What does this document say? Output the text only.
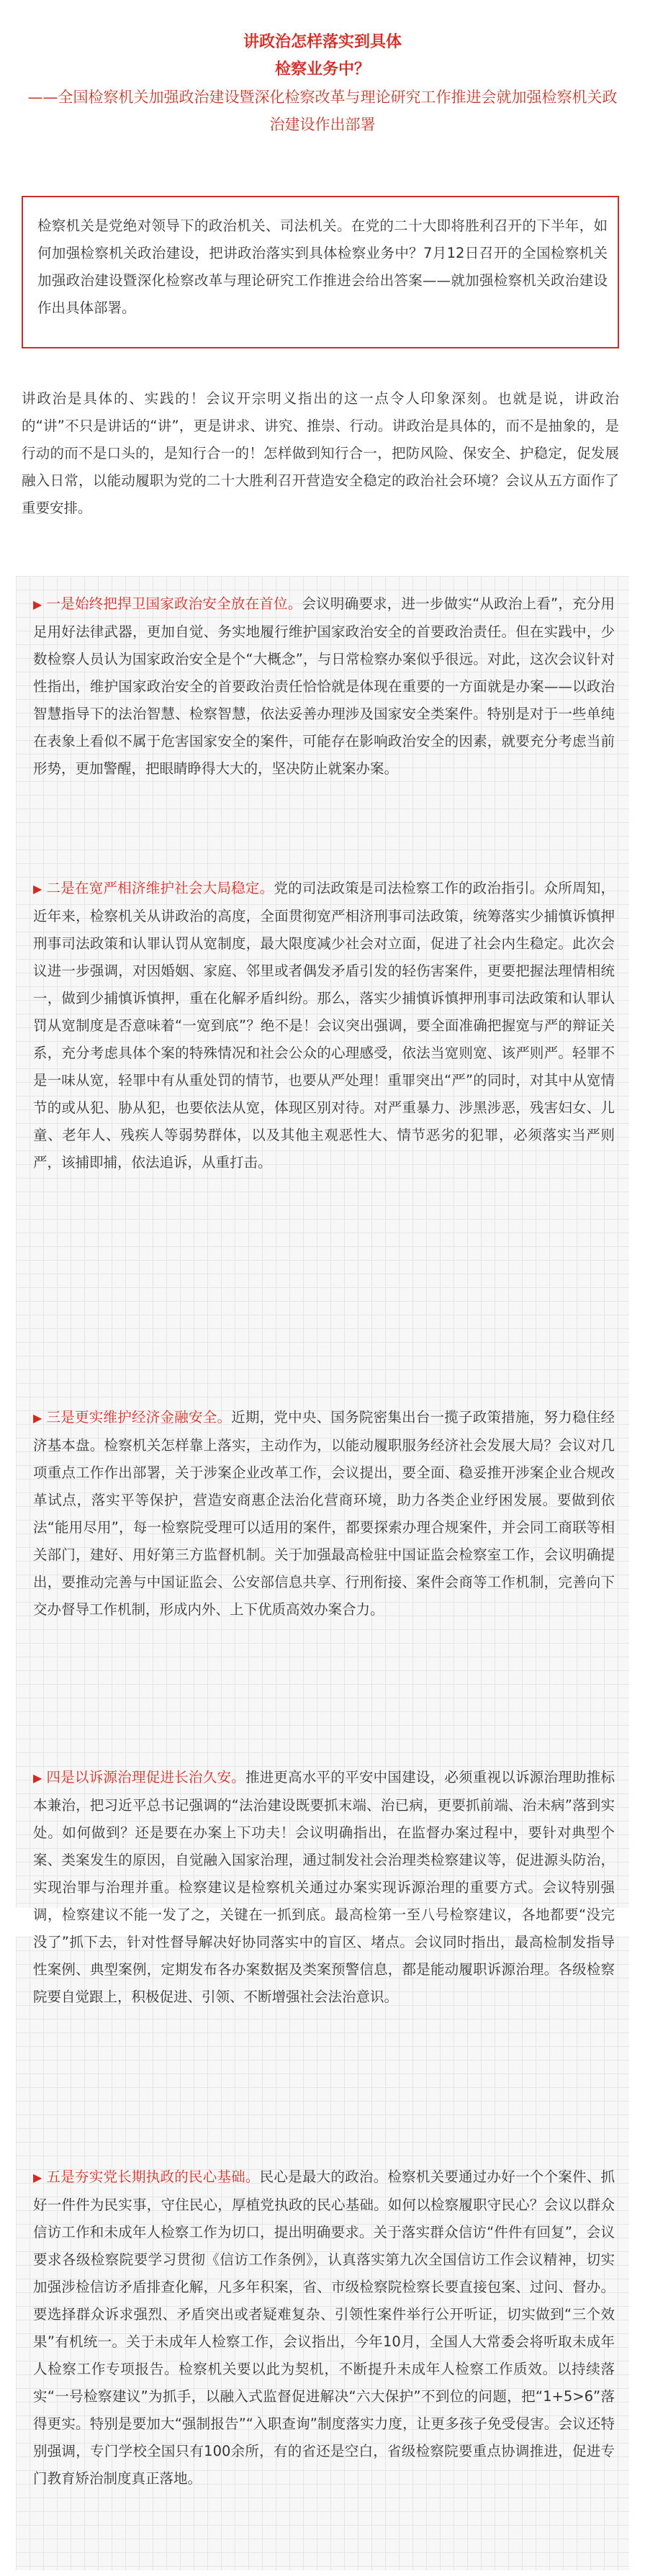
讲政治怎样落实到具体
检察业务中？
——全国检察机关加强政治建设暨深化检察改革与理论研究工作推进会就加强检察机关政治建设作出部署
检察机关是党绝对领导下的政治机关、司法机关。在党的二十大即将胜利召开的下半年，如何加强检察机关政治建设，把讲政治落实到具体检察业务中？7月12日召开的全国检察机关加强政治建设暨深化检察改革与理论研究工作推进会给出答案——就加强检察机关政治建设作出具体部署。
讲政治是具体的、实践的！会议开宗明义指出的这一点令人印象深刻。也就是说，讲政治的“讲”不只是讲话的“讲”，更是讲求、讲究、推崇、行动。讲政治是具体的，而不是抽象的，是行动的而不是口头的，是知行合一的！怎样做到知行合一，把防风险、保安全、护稳定，促发展融入日常，以能动履职为党的二十大胜利召开营造安全稳定的政治社会环境？会议从五方面作了重要安排。
▶ 一是始终把捍卫国家政治安全放在首位。会议明确要求，进一步做实“从政治上看”，充分用足用好法律武器，更加自觉、务实地履行维护国家政治安全的首要政治责任。但在实践中，少数检察人员认为国家政治安全是个“大概念”，与日常检察办案似乎很远。对此，这次会议针对性指出，维护国家政治安全的首要政治责任恰恰就是体现在重要的一方面就是办案——以政治智慧指导下的法治智慧、检察智慧，依法妥善办理涉及国家安全类案件。特别是对于一些单纯在表象上看似不属于危害国家安全的案件，可能存在影响政治安全的因素，就要充分考虑当前形势，更加警醒，把眼睛睁得大大的，坚决防止就案办案。
▶ 二是在宽严相济维护社会大局稳定。党的司法政策是司法检察工作的政治指引。众所周知，近年来，检察机关从讲政治的高度，全面贯彻宽严相济刑事司法政策，统筹落实少捕慎诉慎押刑事司法政策和认罪认罚从宽制度，最大限度减少社会对立面，促进了社会内生稳定。此次会议进一步强调，对因婚姻、家庭、邻里或者偶发矛盾引发的轻伤害案件，更要把握法理情相统一，做到少捕慎诉慎押，重在化解矛盾纠纷。那么，落实少捕慎诉慎押刑事司法政策和认罪认罚从宽制度是否意味着“一宽到底”？绝不是！会议突出强调，要全面准确把握宽与严的辩证关系，充分考虑具体个案的特殊情况和社会公众的心理感受，依法当宽则宽、该严则严。轻罪不是一味从宽，轻罪中有从重处罚的情节，也要从严处理！重罪突出“严”的同时，对其中从宽情节的或从犯、胁从犯，也要依法从宽，体现区别对待。对严重暴力、涉黑涉恶，残害妇女、儿童、老年人、残疾人等弱势群体，以及其他主观恶性大、情节恶劣的犯罪，必须落实当严则严，该捕即捕，依法追诉，从重打击。
▶ 三是更实维护经济金融安全。近期，党中央、国务院密集出台一揽子政策措施，努力稳住经济基本盘。检察机关怎样靠上落实，主动作为，以能动履职服务经济社会发展大局？会议对几项重点工作作出部署，关于涉案企业改革工作，会议提出，要全面、稳妥推开涉案企业合规改革试点，落实平等保护，营造安商惠企法治化营商环境，助力各类企业纾困发展。要做到依法“能用尽用”，每一检察院受理可以适用的案件，都要探索办理合规案件，并会同工商联等相关部门，建好、用好第三方监督机制。关于加强最高检驻中国证监会检察室工作，会议明确提出，要推动完善与中国证监会、公安部信息共享、行刑衔接、案件会商等工作机制，完善向下交办督导工作机制，形成内外、上下优质高效办案合力。
▶ 四是以诉源治理促进长治久安。推进更高水平的平安中国建设，必须重视以诉源治理助推标本兼治，把习近平总书记强调的“法治建设既要抓末端、治已病，更要抓前端、治未病”落到实处。如何做到？还是要在办案上下功夫！会议明确指出，在监督办案过程中，要针对典型个案、类案发生的原因，自觉融入国家治理，通过制发社会治理类检察建议等，促进源头防治，实现治罪与治理并重。检察建议是检察机关通过办案实现诉源治理的重要方式。会议特别强调，检察建议不能一发了之，关键在一抓到底。最高检第一至八号检察建议，各地都要“没完没了”抓下去，针对性督导解决好协同落实中的盲区、堵点。会议同时指出，最高检制发指导性案例、典型案例，定期发布各办案数据及类案预警信息，都是能动履职诉源治理。各级检察院要自觉跟上，积极促进、引领、不断增强社会法治意识。
▶ 五是夯实党长期执政的民心基础。民心是最大的政治。检察机关要通过办好一个个案件、抓好一件件为民实事，守住民心，厚植党执政的民心基础。如何以检察履职守民心？会议以群众信访工作和未成年人检察工作为切口，提出明确要求。关于落实群众信访“件件有回复”，会议要求各级检察院要学习贯彻《信访工作条例》，认真落实第九次全国信访工作会议精神，切实加强涉检信访矛盾排查化解，凡多年积案，省、市级检察院检察长要直接包案、过问、督办。要选择群众诉求强烈、矛盾突出或者疑难复杂、引领性案件举行公开听证，切实做到“三个效果”有机统一。关于未成年人检察工作，会议指出，今年10月，全国人大常委会将听取未成年人检察工作专项报告。检察机关要以此为契机，不断提升未成年人检察工作质效。以持续落实“一号检察建议”为抓手，以融入式监督促进解决“六大保护”不到位的问题，把“1+5>6”落得更实。特别是要加大“强制报告”“入职查询”制度落实力度，让更多孩子免受侵害。会议还特别强调，专门学校全国只有100余所，有的省还是空白，省级检察院要重点协调推进，促进专门教育矫治制度真正落地。
